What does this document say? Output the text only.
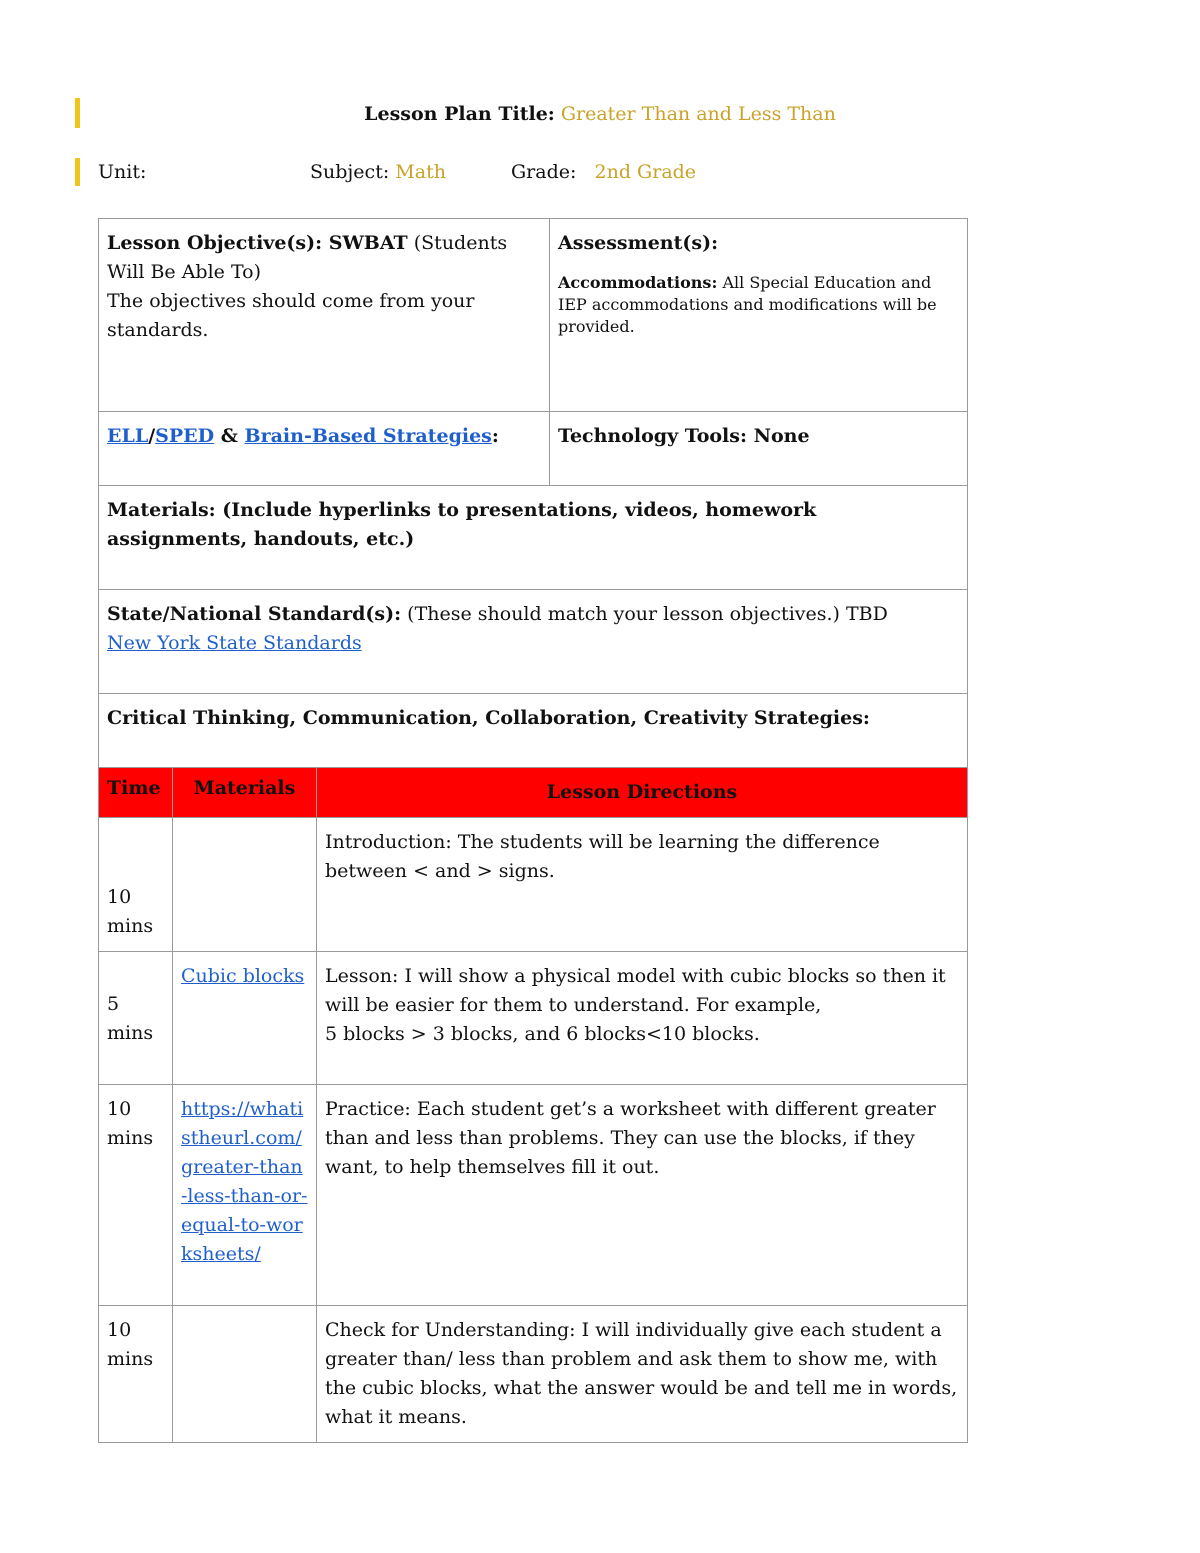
Lesson Plan Title: Greater Than and Less Than
Unit:	Subject: Math	Grade: 2nd Grade
Lesson Objective(s): SWBAT (Students Will Be Able To)
The objectives should come from your standards.			Assessment(s):
Accommodations: All Special Education and IEP accommodations and modifications will be provided.

ELL/SPED & Brain-Based Strategies:			Technology Tools: None
Materials: (Include hyperlinks to presentations, videos, homework assignments, handouts, etc.)			
State/National Standard(s): (These should match your lesson objectives.) TBD
New York State Standards			
Critical Thinking, Communication, Collaboration, Creativity Strategies:			
Time	Materials	Lesson Directions	
10 mins		Introduction: The students will be learning the difference between < and > signs.	
5 mins	Cubic blocks	Lesson: I will show a physical model with cubic blocks so then it will be easier for them to understand. For example,
5 blocks > 3 blocks, and 6 blocks<10 blocks.	
10 mins	https://whatistheurl.com/greater-than-less-than-or-equal-to-worksheets/	Practice: Each student get’s a worksheet with different greater than and less than problems. They can use the blocks, if they want, to help themselves fill it out.	
10 mins		Check for Understanding: I will individually give each student a greater than/ less than problem and ask them to show me, with the cubic blocks, what the answer would be and tell me in words, what it means.	
